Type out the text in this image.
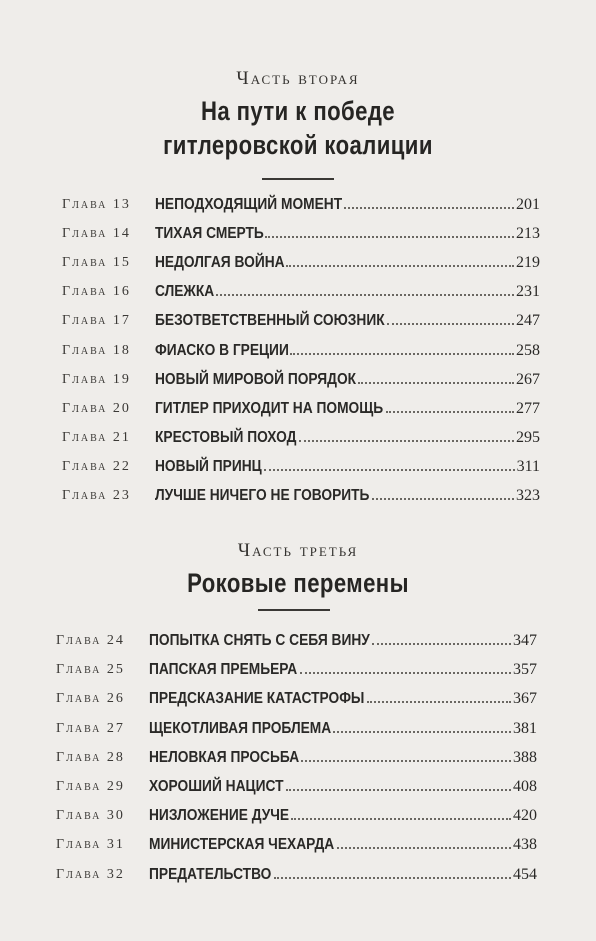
Часть вторая
На пути к победе
гитлеровской коалиции
Глава 13 НЕПОДХОДЯЩИЙ МОМЕНТ	201
Глава 14 ТИХАЯ СМЕРТЬ	213
Глава 15 НЕДОЛГАЯ ВОЙНА	219
Глава 16 СЛЕЖКА	231
Глава 17 БЕЗОТВЕТСТВЕННЫЙ СОЮЗНИК	247
Глава 18 ФИАСКО В ГРЕЦИИ	258
Глава 19 НОВЫЙ МИРОВОЙ ПОРЯДОК	267
Глава 20 ГИТЛЕР ПРИХОДИТ НА ПОМОЩЬ	277
Глава 21 КРЕСТОВЫЙ ПОХОД	295
Глава 22 НОВЫЙ ПРИНЦ	311
Глава 23 ЛУЧШЕ НИЧЕГО НЕ ГОВОРИТЬ	323
Часть третья
Роковые перемены
Глава 24 ПОПЫТКА СНЯТЬ С СЕБЯ ВИНУ	347
Глава 25 ПАПСКАЯ ПРЕМЬЕРА	357
Глава 26 ПРЕДСКАЗАНИЕ КАТАСТРОФЫ	367
Глава 27 ЩЕКОТЛИВАЯ ПРОБЛЕМА	381
Глава 28 НЕЛОВКАЯ ПРОСЬБА	388
Глава 29 ХОРОШИЙ НАЦИСТ	408
Глава 30 НИЗЛОЖЕНИЕ ДУЧЕ	420
Глава 31 МИНИСТЕРСКАЯ ЧЕХАРДА	438
Глава 32 ПРЕДАТЕЛЬСТВО	454
